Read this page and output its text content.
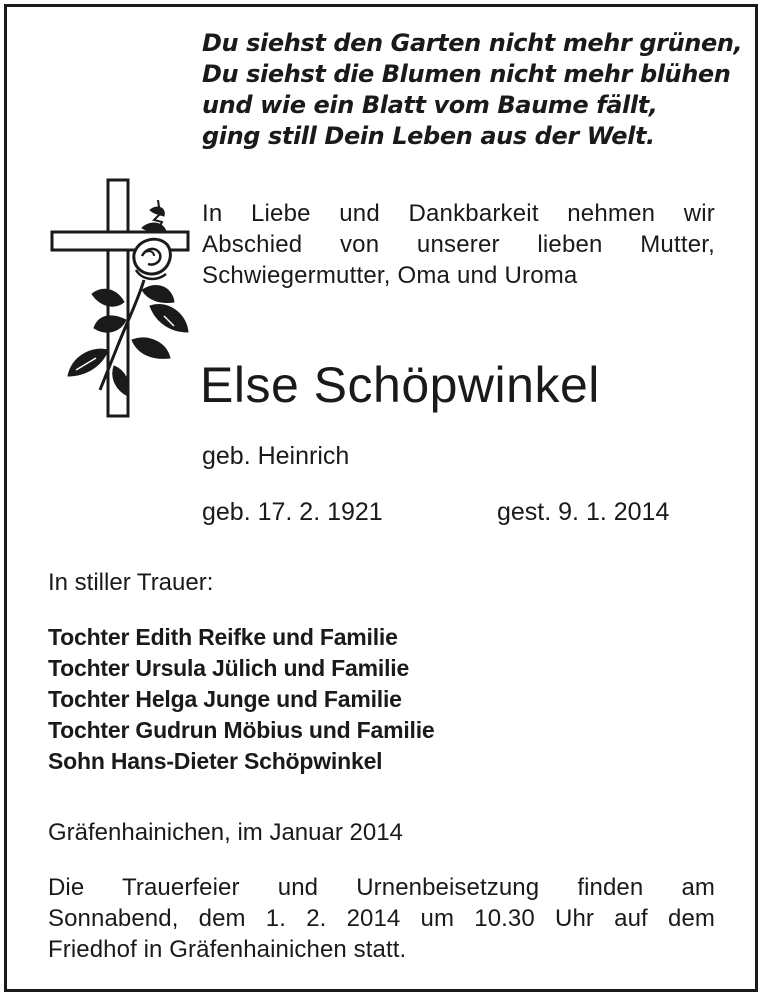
Du siehst den Garten nicht mehr grünen,
Du siehst die Blumen nicht mehr blühen
und wie ein Blatt vom Baume fällt,
ging still Dein Leben aus der Welt.
In Liebe und Dankbarkeit nehmen wir
Abschied von unserer lieben Mutter,
Schwiegermutter, Oma und Uroma
Else Schöpwinkel
geb. Heinrich
geb. 17. 2. 1921	gest. 9. 1. 2014
In stiller Trauer:
Tochter Edith Reifke und Familie
Tochter Ursula Jülich und Familie
Tochter Helga Junge und Familie
Tochter Gudrun Möbius und Familie
Sohn Hans-Dieter Schöpwinkel
Gräfenhainichen, im Januar 2014
Die Trauerfeier und Urnenbeisetzung finden am
Sonnabend, dem 1. 2. 2014 um 10.30 Uhr auf dem
Friedhof in Gräfenhainichen statt.
